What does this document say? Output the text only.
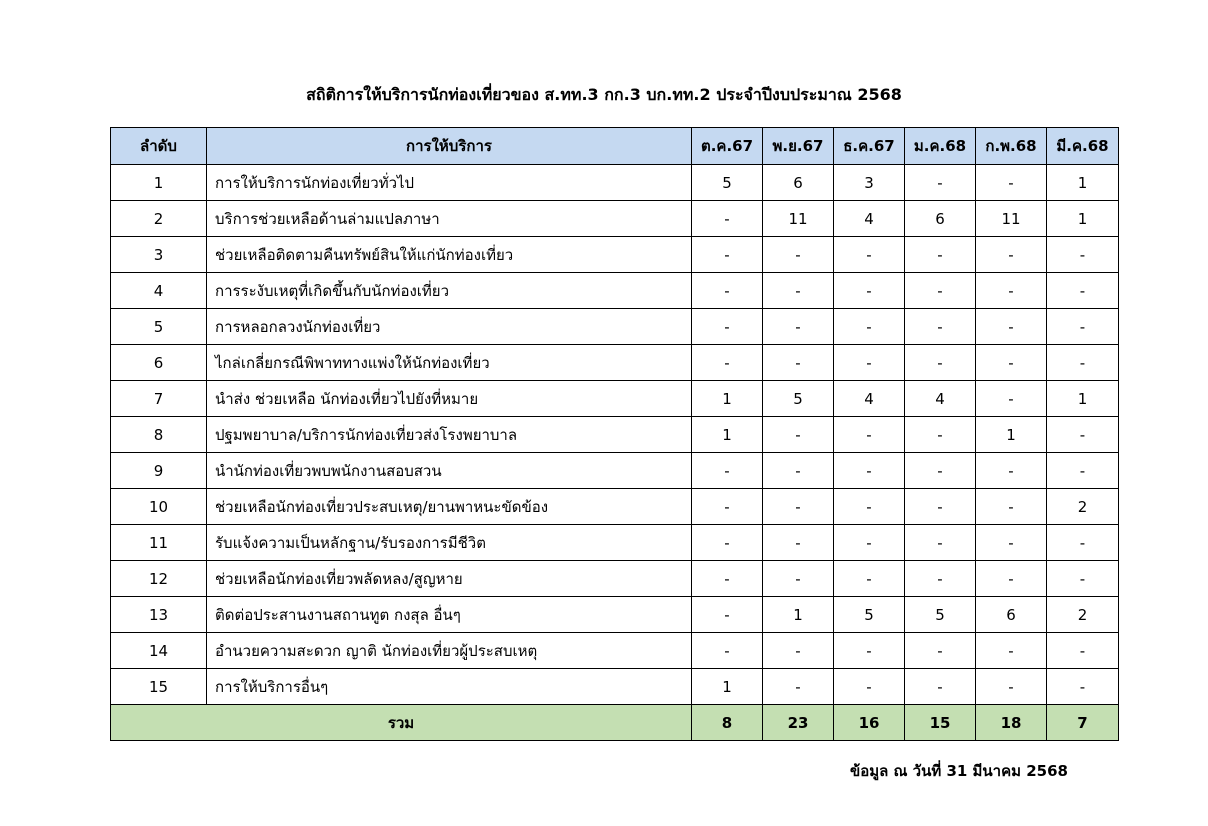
สถิติการให้บริการนักท่องเที่ยวของ ส.ทท.3 กก.3 บก.ทท.2 ประจำปีงบประมาณ 2568
ลำดับ	การให้บริการ	ต.ค.67	พ.ย.67	ธ.ค.67	ม.ค.68	ก.พ.68	มี.ค.68
1	การให้บริการนักท่องเที่ยวทั่วไป	5	6	3	-	-	1
2	บริการช่วยเหลือด้านล่ามแปลภาษา	-	11	4	6	11	1
3	ช่วยเหลือติดตามคืนทรัพย์สินให้แก่นักท่องเที่ยว	-	-	-	-	-	-
4	การระงับเหตุที่เกิดขึ้นกับนักท่องเที่ยว	-	-	-	-	-	-
5	การหลอกลวงนักท่องเที่ยว	-	-	-	-	-	-
6	ไกล่เกลี่ยกรณีพิพาททางแพ่งให้นักท่องเที่ยว	-	-	-	-	-	-
7	นำส่ง ช่วยเหลือ นักท่องเที่ยวไปยังที่หมาย	1	5	4	4	-	1
8	ปฐมพยาบาล/บริการนักท่องเที่ยวส่งโรงพยาบาล	1	-	-	-	1	-
9	นำนักท่องเที่ยวพบพนักงานสอบสวน	-	-	-	-	-	-
10	ช่วยเหลือนักท่องเที่ยวประสบเหตุ/ยานพาหนะขัดข้อง	-	-	-	-	-	2
11	รับแจ้งความเป็นหลักฐาน/รับรองการมีชีวิต	-	-	-	-	-	-
12	ช่วยเหลือนักท่องเที่ยวพลัดหลง/สูญหาย	-	-	-	-	-	-
13	ติดต่อประสานงานสถานทูต กงสุล อื่นๆ	-	1	5	5	6	2
14	อำนวยความสะดวก ญาติ นักท่องเที่ยวผู้ประสบเหตุ	-	-	-	-	-	-
15	การให้บริการอื่นๆ	1	-	-	-	-	-
รวม		8	23	16	15	18	7
ข้อมูล ณ วันที่ 31 มีนาคม 2568
